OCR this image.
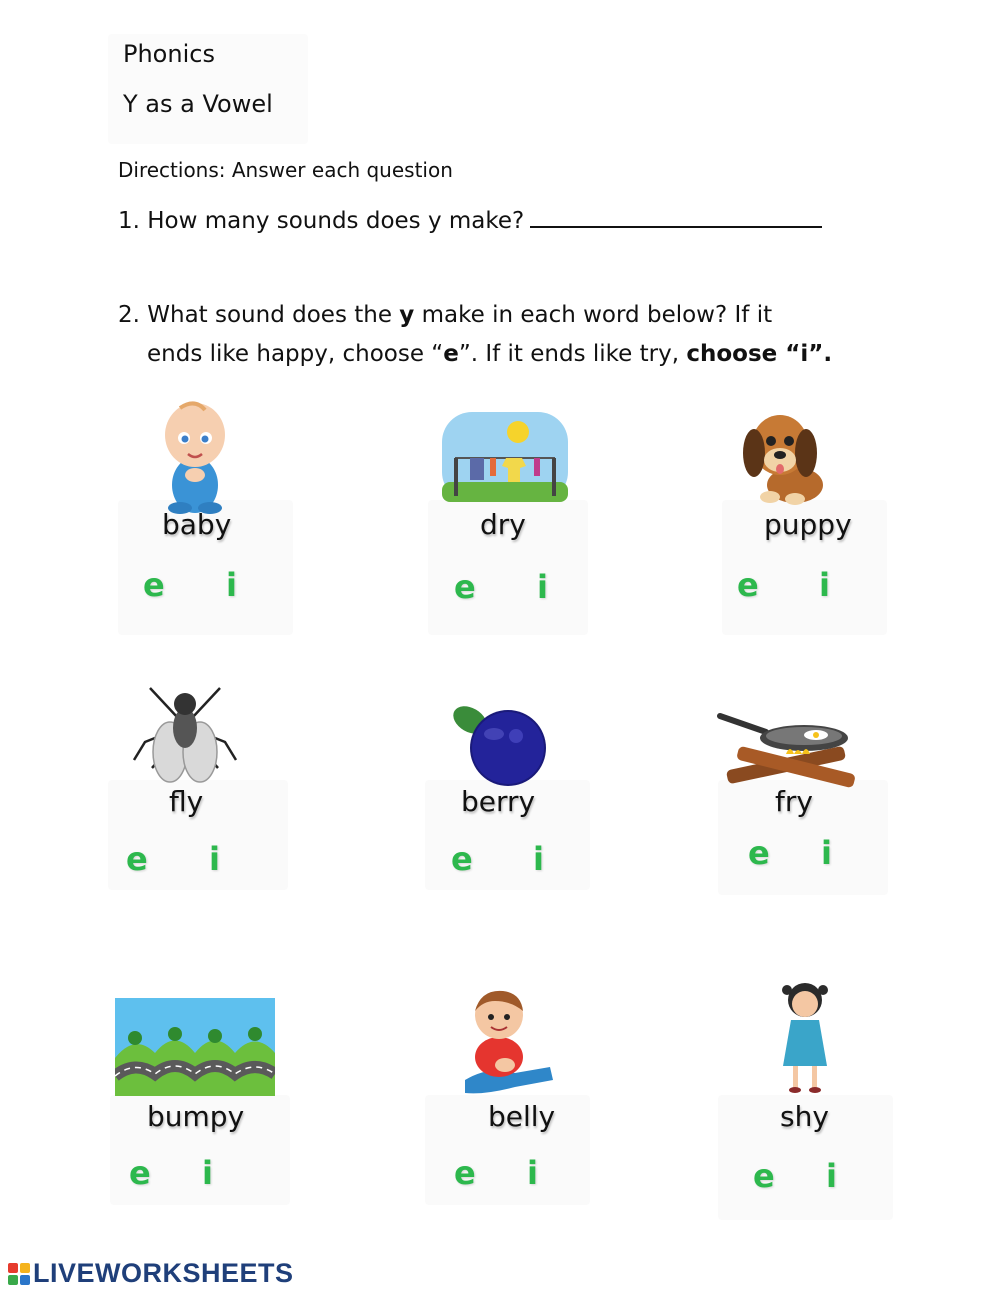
Phonics
Y as a Vowel
Directions: Answer each question
1. How many sounds does y make?
2. What sound does the y make in each word below? If it
ends like happy, choose “e”. If it ends like try, choose “i”.
baby
e i
dry
e i
puppy
e i
fly
e i
berry
e i
fry
e i
bumpy
e i
belly
e i
shy
e i
LIVEWORKSHEETS
